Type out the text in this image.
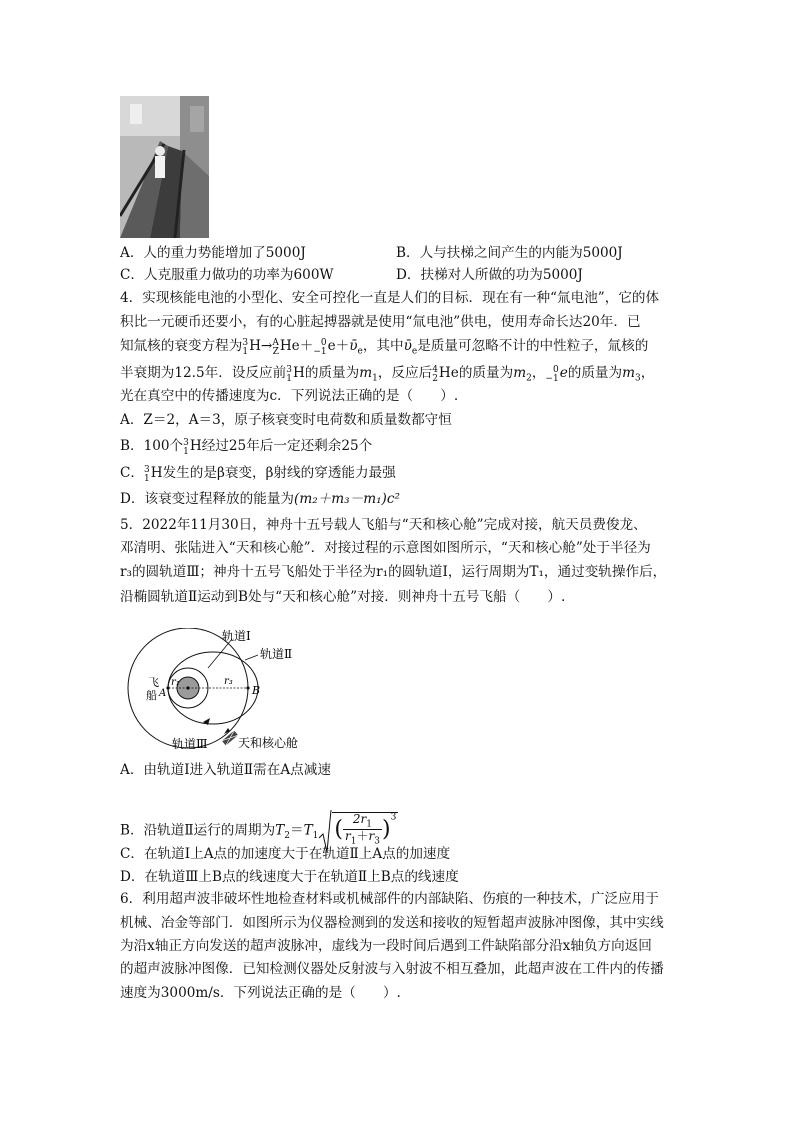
A．人的重力势能增加了5000J	B．人与扶梯之间产生的内能为5000J
C．人克服重力做功的功率为600W	D．扶梯对人所做的功为5000J
4．实现核能电池的小型化、安全可控化一直是人们的目标．现在有一种“氚电池”，它的体
积比一元硬币还要小，有的心脏起搏器就是使用“氚电池”供电，使用寿命长达20年．已
知氚核的衰变方程为3
1H→A
ZHe＋ 0
−1e＋ῡ$_e$，其中ῡ$_e$是质量可忽略不计的中性粒子，氚核的
半衰期为12.5年．设反应前3
1H的质量为$m_1$，反应后4
2He的质量为$m_2$， 0
−1e的质量为$m_3$，
光在真空中的传播速度为c．下列说法正确的是（　　）.
A．Z＝2，A＝3，原子核衰变时电荷数和质量数都守恒
B．100个3
1H经过25年后一定还剩余25个
C．3
1H发生的是β衰变，β射线的穿透能力最强
D．该衰变过程释放的能量为(m₂＋m₃－m₁)c²
5．2022年11月30日，神舟十五号载人飞船与“天和核心舱”完成对接，航天员费俊龙、
邓清明、张陆进入“天和核心舱”．对接过程的示意图如图所示，“天和核心舱”处于半径为
r₃的圆轨道Ⅲ；神舟十五号飞船处于半径为r₁的圆轨道Ⅰ，运行周期为T₁，通过变轨操作后，
沿椭圆轨道Ⅱ运动到B处与“天和核心舱”对接．则神舟十五号飞船（　　）.
轨道Ⅰ
轨道Ⅱ
轨道Ⅲ
飞
船 A	B
r₁	r₃
天和核心舱
A．由轨道Ⅰ进入轨道Ⅱ需在A点减速
B．沿轨道Ⅱ运行的周期为$T_2=T_1$ ( $\frac{2r_1}{r_1+r_3} )^3$
C．在轨道Ⅰ上A点的加速度大于在轨道Ⅱ上A点的加速度
D．在轨道Ⅲ上B点的线速度大于在轨道Ⅱ上B点的线速度
6．利用超声波非破坏性地检查材料或机械部件的内部缺陷、伤痕的一种技术，广泛应用于
机械、冶金等部门．如图所示为仪器检测到的发送和接收的短暂超声波脉冲图像，其中实线
为沿x轴正方向发送的超声波脉冲，虚线为一段时间后遇到工件缺陷部分沿x轴负方向返回
的超声波脉冲图像．已知检测仪器处反射波与入射波不相互叠加，此超声波在工件内的传播
速度为3000m/s．下列说法正确的是（　　）.
